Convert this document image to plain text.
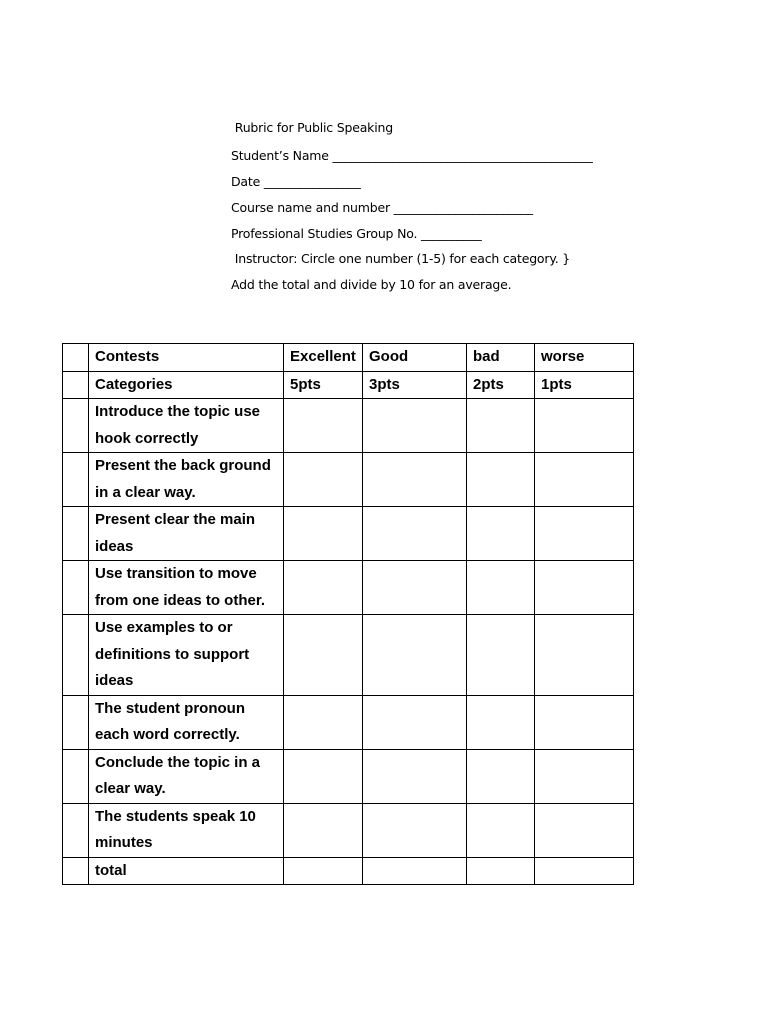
Rubric for Public Speaking
Student’s Name ___________________________________________
Date ________________
Course name and number _______________________
Professional Studies Group No. __________
Instructor: Circle one number (1-5) for each category. }
Add the total and divide by 10 for an average.
	Contests	Excellent	Good	bad	worse
	Categories	5pts	3pts	2pts	1pts
	Introduce the topic use hook correctly				
	Present the back ground in a clear way.				
	Present clear the main ideas				
	Use transition to move from one ideas to other.				
	Use examples to or definitions to support ideas				
	The student pronoun each word correctly.				
	Conclude the topic in a clear way.				
	The students speak 10 minutes				
	total				
